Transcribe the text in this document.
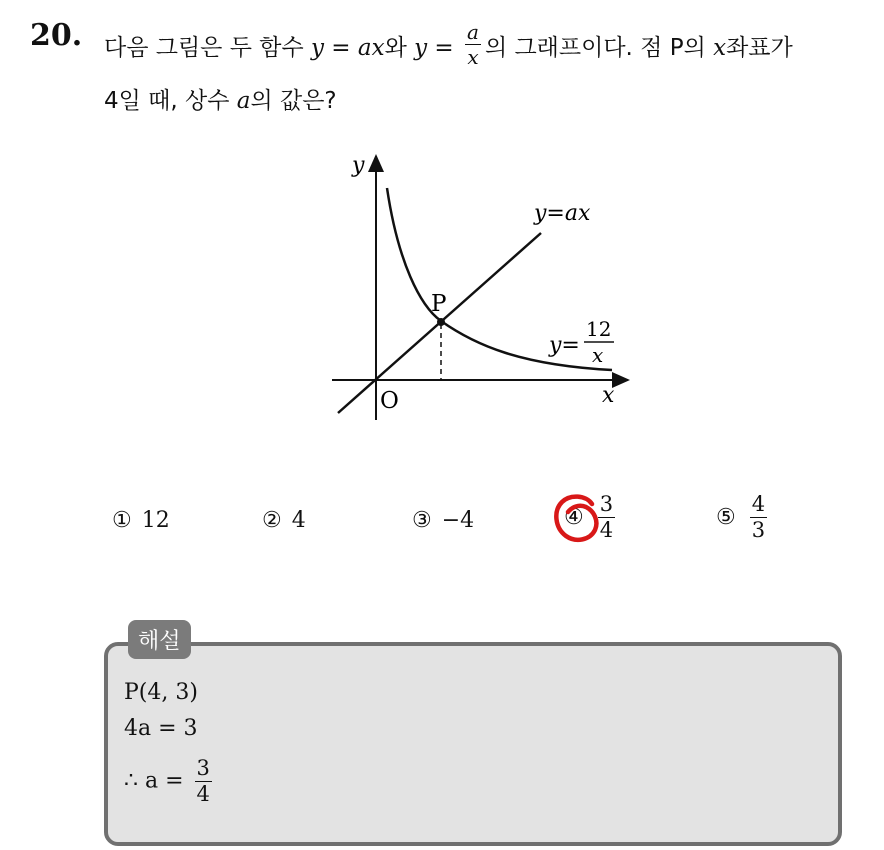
20. 다음 그림은 두 함수 y = ax와 $y = \frac{a}{x}$ 의 그래프이다. 점 P의 x좌표가
4일 때, 상수 a의 값은?
y
x
O
P
y=ax
y=
12
x
① 12	② 4	③ −4	④ $\frac{3}{4}$	⑤ $\frac{4}{3}$
해설
P(4, 3)
4a = 3
∴ $a = \frac{3}{4}$
